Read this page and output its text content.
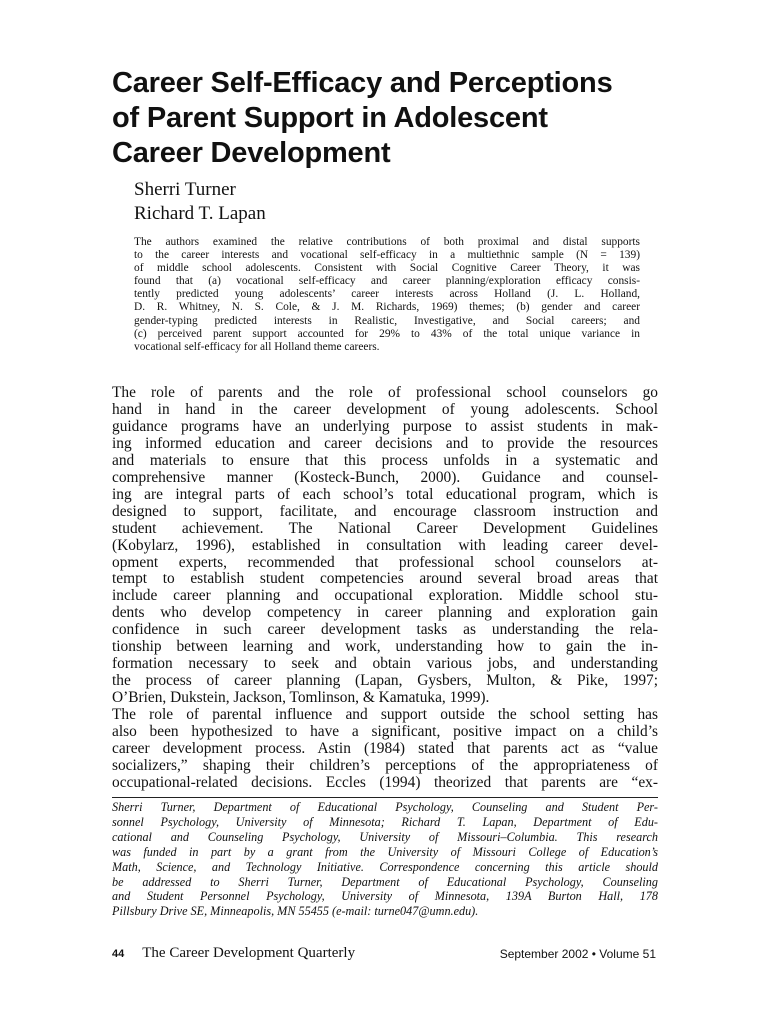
Career Self-Efficacy and Perceptions
of Parent Support in Adolescent
Career Development
Sherri Turner
Richard T. Lapan
The authors examined the relative contributions of both proximal and distal supports
to the career interests and vocational self-efficacy in a multiethnic sample (N = 139)
of middle school adolescents. Consistent with Social Cognitive Career Theory, it was
found that (a) vocational self-efficacy and career planning/exploration efficacy consis-
tently predicted young adolescents’ career interests across Holland (J. L. Holland,
D. R. Whitney, N. S. Cole, & J. M. Richards, 1969) themes; (b) gender and career
gender-typing predicted interests in Realistic, Investigative, and Social careers; and
(c) perceived parent support accounted for 29% to 43% of the total unique variance in
vocational self-efficacy for all Holland theme careers.
The role of parents and the role of professional school counselors go
hand in hand in the career development of young adolescents. School
guidance programs have an underlying purpose to assist students in mak-
ing informed education and career decisions and to provide the resources
and materials to ensure that this process unfolds in a systematic and
comprehensive manner (Kosteck-Bunch, 2000). Guidance and counsel-
ing are integral parts of each school’s total educational program, which is
designed to support, facilitate, and encourage classroom instruction and
student achievement. The National Career Development Guidelines
(Kobylarz, 1996), established in consultation with leading career devel-
opment experts, recommended that professional school counselors at-
tempt to establish student competencies around several broad areas that
include career planning and occupational exploration. Middle school stu-
dents who develop competency in career planning and exploration gain
confidence in such career development tasks as understanding the rela-
tionship between learning and work, understanding how to gain the in-
formation necessary to seek and obtain various jobs, and understanding
the process of career planning (Lapan, Gysbers, Multon, & Pike, 1997;
O’Brien, Dukstein, Jackson, Tomlinson, & Kamatuka, 1999).
The role of parental influence and support outside the school setting has
also been hypothesized to have a significant, positive impact on a child’s
career development process. Astin (1984) stated that parents act as “value
socializers,” shaping their children’s perceptions of the appropriateness of
occupational-related decisions. Eccles (1994) theorized that parents are “ex-
Sherri Turner, Department of Educational Psychology, Counseling and Student Per-
sonnel Psychology, University of Minnesota; Richard T. Lapan, Department of Edu-
cational and Counseling Psychology, University of Missouri–Columbia. This research
was funded in part by a grant from the University of Missouri College of Education’s
Math, Science, and Technology Initiative. Correspondence concerning this article should
be addressed to Sherri Turner, Department of Educational Psychology, Counseling
and Student Personnel Psychology, University of Minnesota, 139A Burton Hall, 178
Pillsbury Drive SE, Minneapolis, MN 55455 (e-mail: turne047@umn.edu).
44 The Career Development Quarterly	September 2002 • Volume 51
